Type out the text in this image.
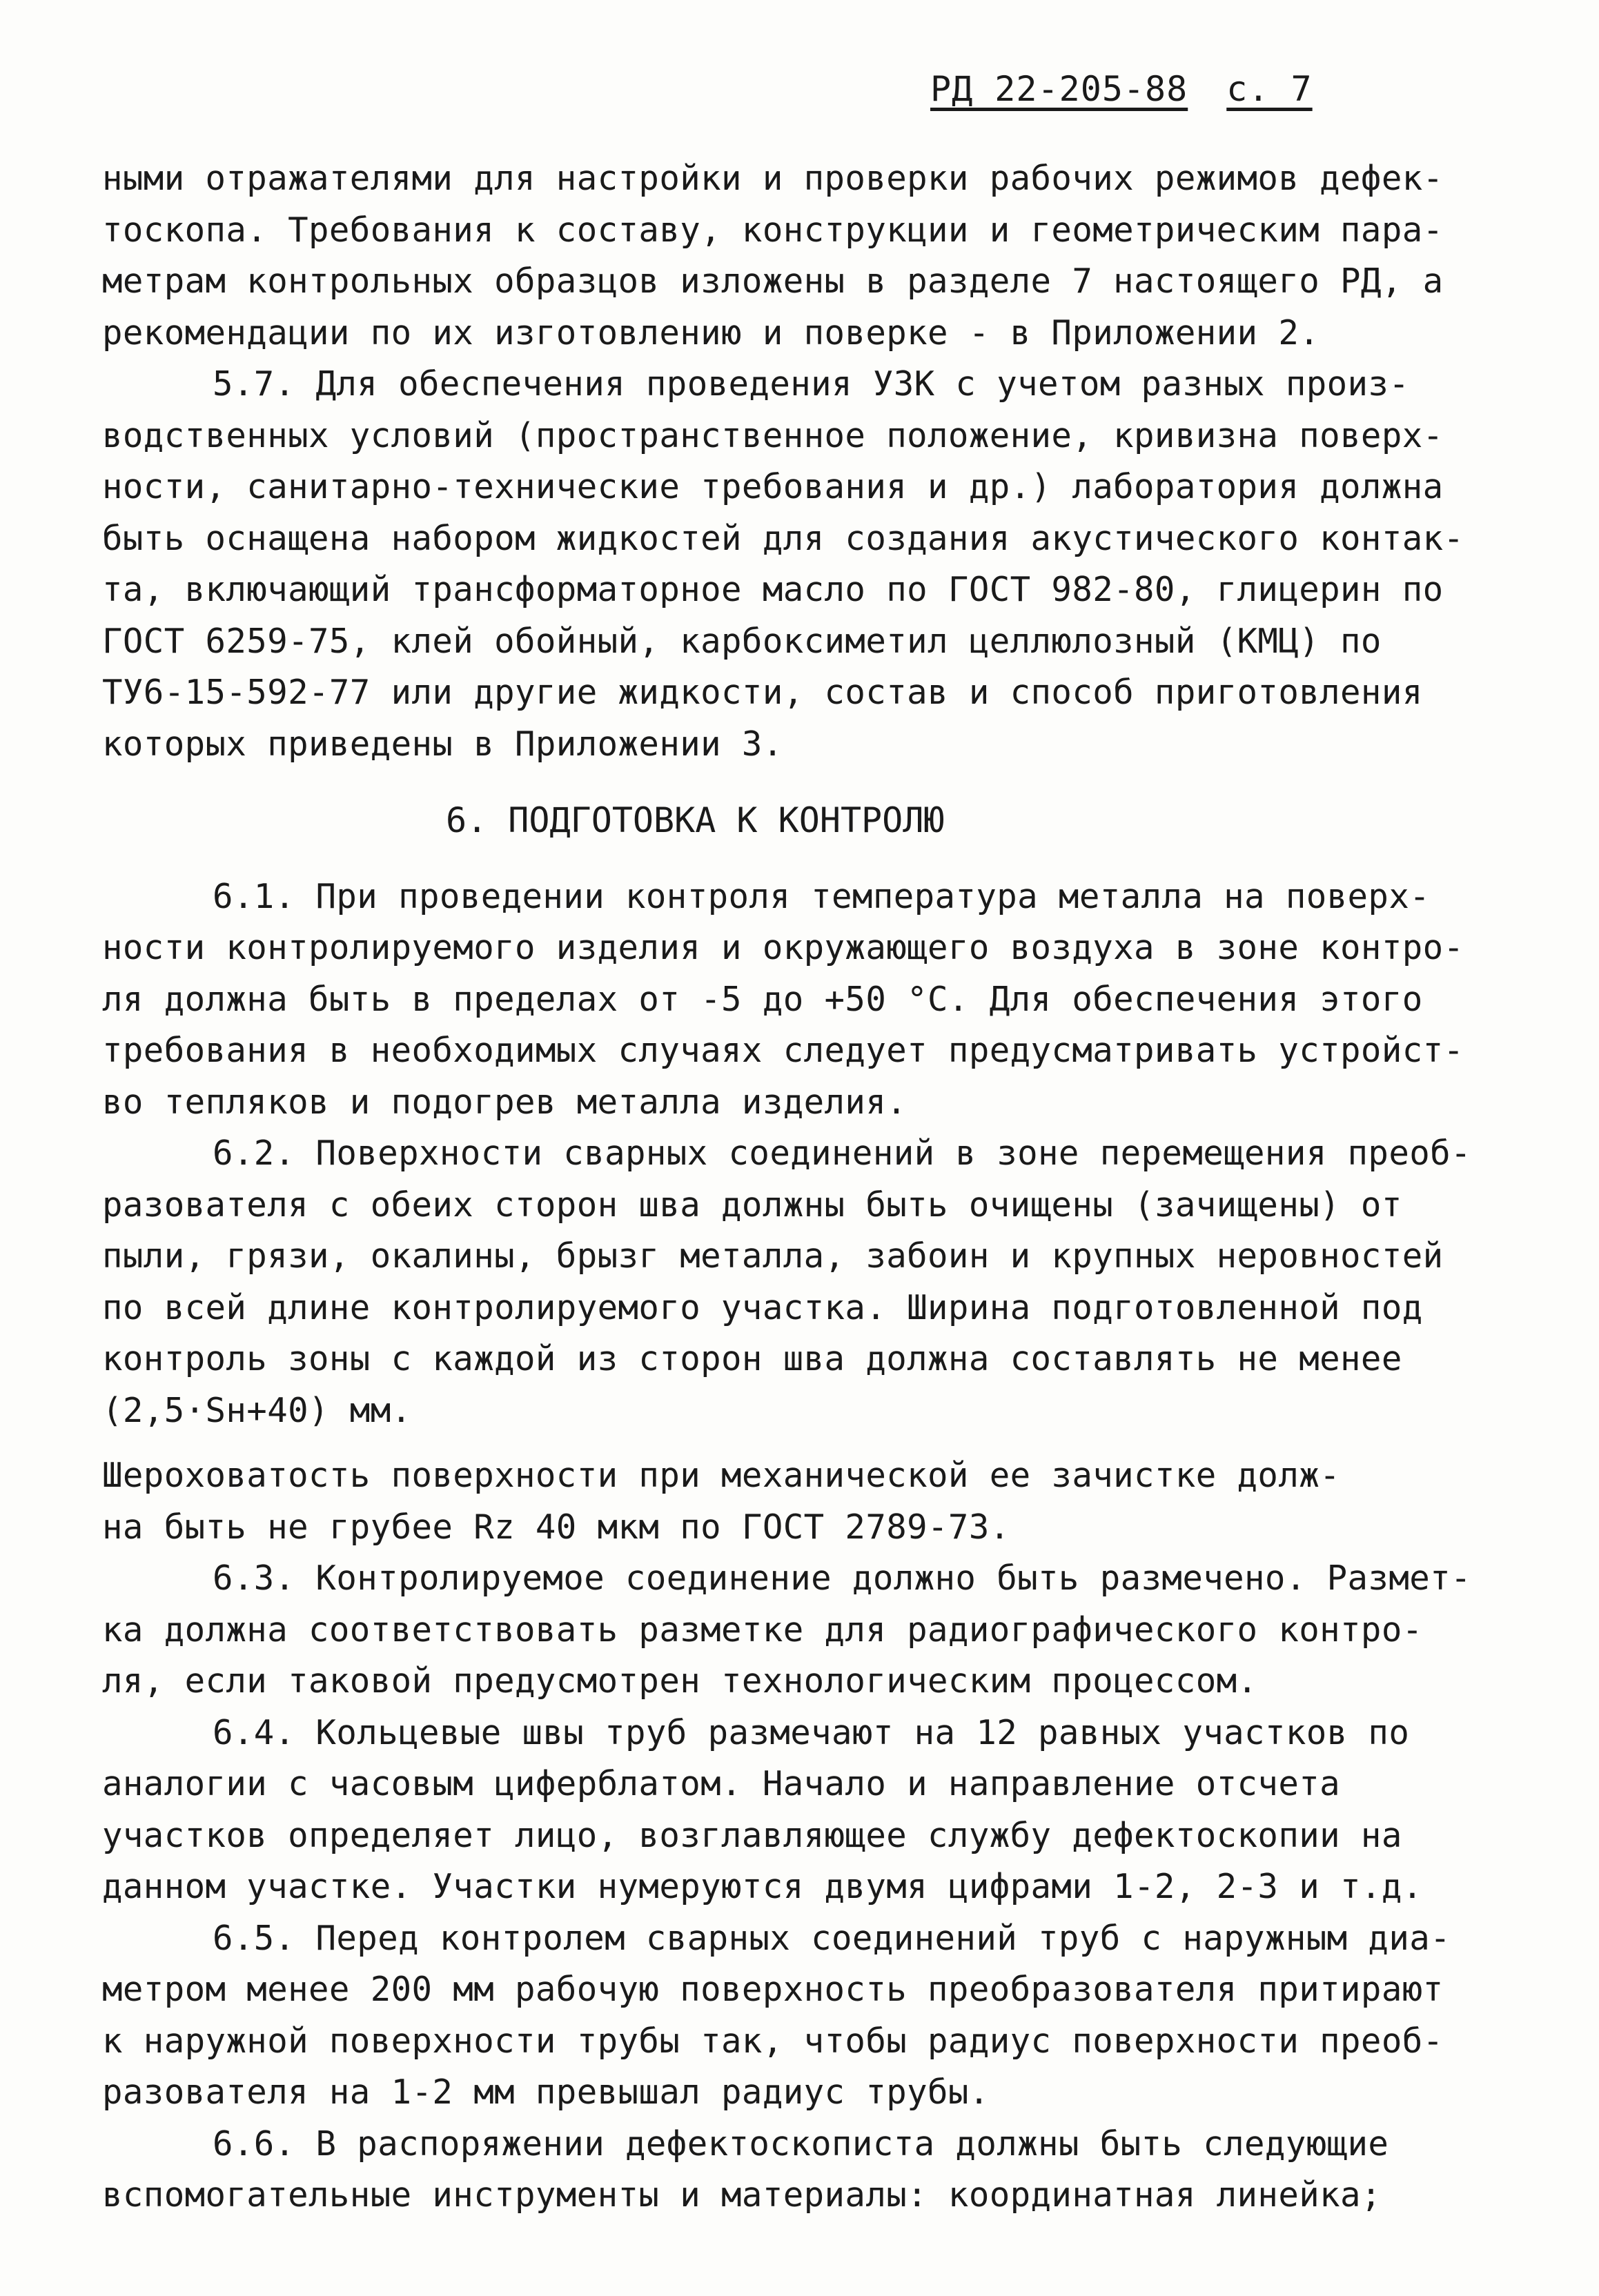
РД 22-205-88 с. 7
ными отражателями для настройки и проверки рабочих режимов дефек-
тоскопа. Требования к составу, конструкции и геометрическим пара-
метрам контрольных образцов изложены в разделе 7 настоящего РД, а
рекомендации по их изготовлению и поверке - в Приложении 2.
5.7. Для обеспечения проведения УЗК с учетом разных произ-
водственных условий (пространственное положение, кривизна поверх-
ности, санитарно-технические требования и др.) лаборатория должна
быть оснащена набором жидкостей для создания акустического контак-
та, включающий трансформаторное масло по ГОСТ 982-80, глицерин по
ГОСТ 6259-75, клей обойный, карбоксиметил целлюлозный (КМЦ) по
ТУ6-15-592-77 или другие жидкости, состав и способ приготовления
которых приведены в Приложении 3.
6. ПОДГОТОВКА К КОНТРОЛЮ
6.1. При проведении контроля температура металла на поверх-
ности контролируемого изделия и окружающего воздуха в зоне контро-
ля должна быть в пределах от -5 до +50 °С. Для обеспечения этого
требования в необходимых случаях следует предусматривать устройст-
во тепляков и подогрев металла изделия.
6.2. Поверхности сварных соединений в зоне перемещения преоб-
разователя с обеих сторон шва должны быть очищены (зачищены) от
пыли, грязи, окалины, брызг металла, забоин и крупных неровностей
по всей длине контролируемого участка. Ширина подготовленной под
контроль зоны с каждой из сторон шва должна составлять не менее
(2,5·Sн+40) мм.
Шероховатость поверхности при механической ее зачистке долж-
на быть не грубее Rz 40 мкм по ГОСТ 2789-73.
6.3. Контролируемое соединение должно быть размечено. Размет-
ка должна соответствовать разметке для радиографического контро-
ля, если таковой предусмотрен технологическим процессом.
6.4. Кольцевые швы труб размечают на 12 равных участков по
аналогии с часовым циферблатом. Начало и направление отсчета
участков определяет лицо, возглавляющее службу дефектоскопии на
данном участке. Участки нумеруются двумя цифрами 1-2, 2-3 и т.д.
6.5. Перед контролем сварных соединений труб с наружным диа-
метром менее 200 мм рабочую поверхность преобразователя притирают
к наружной поверхности трубы так, чтобы радиус поверхности преоб-
разователя на 1-2 мм превышал радиус трубы.
6.6. В распоряжении дефектоскописта должны быть следующие
вспомогательные инструменты и материалы: координатная линейка;
